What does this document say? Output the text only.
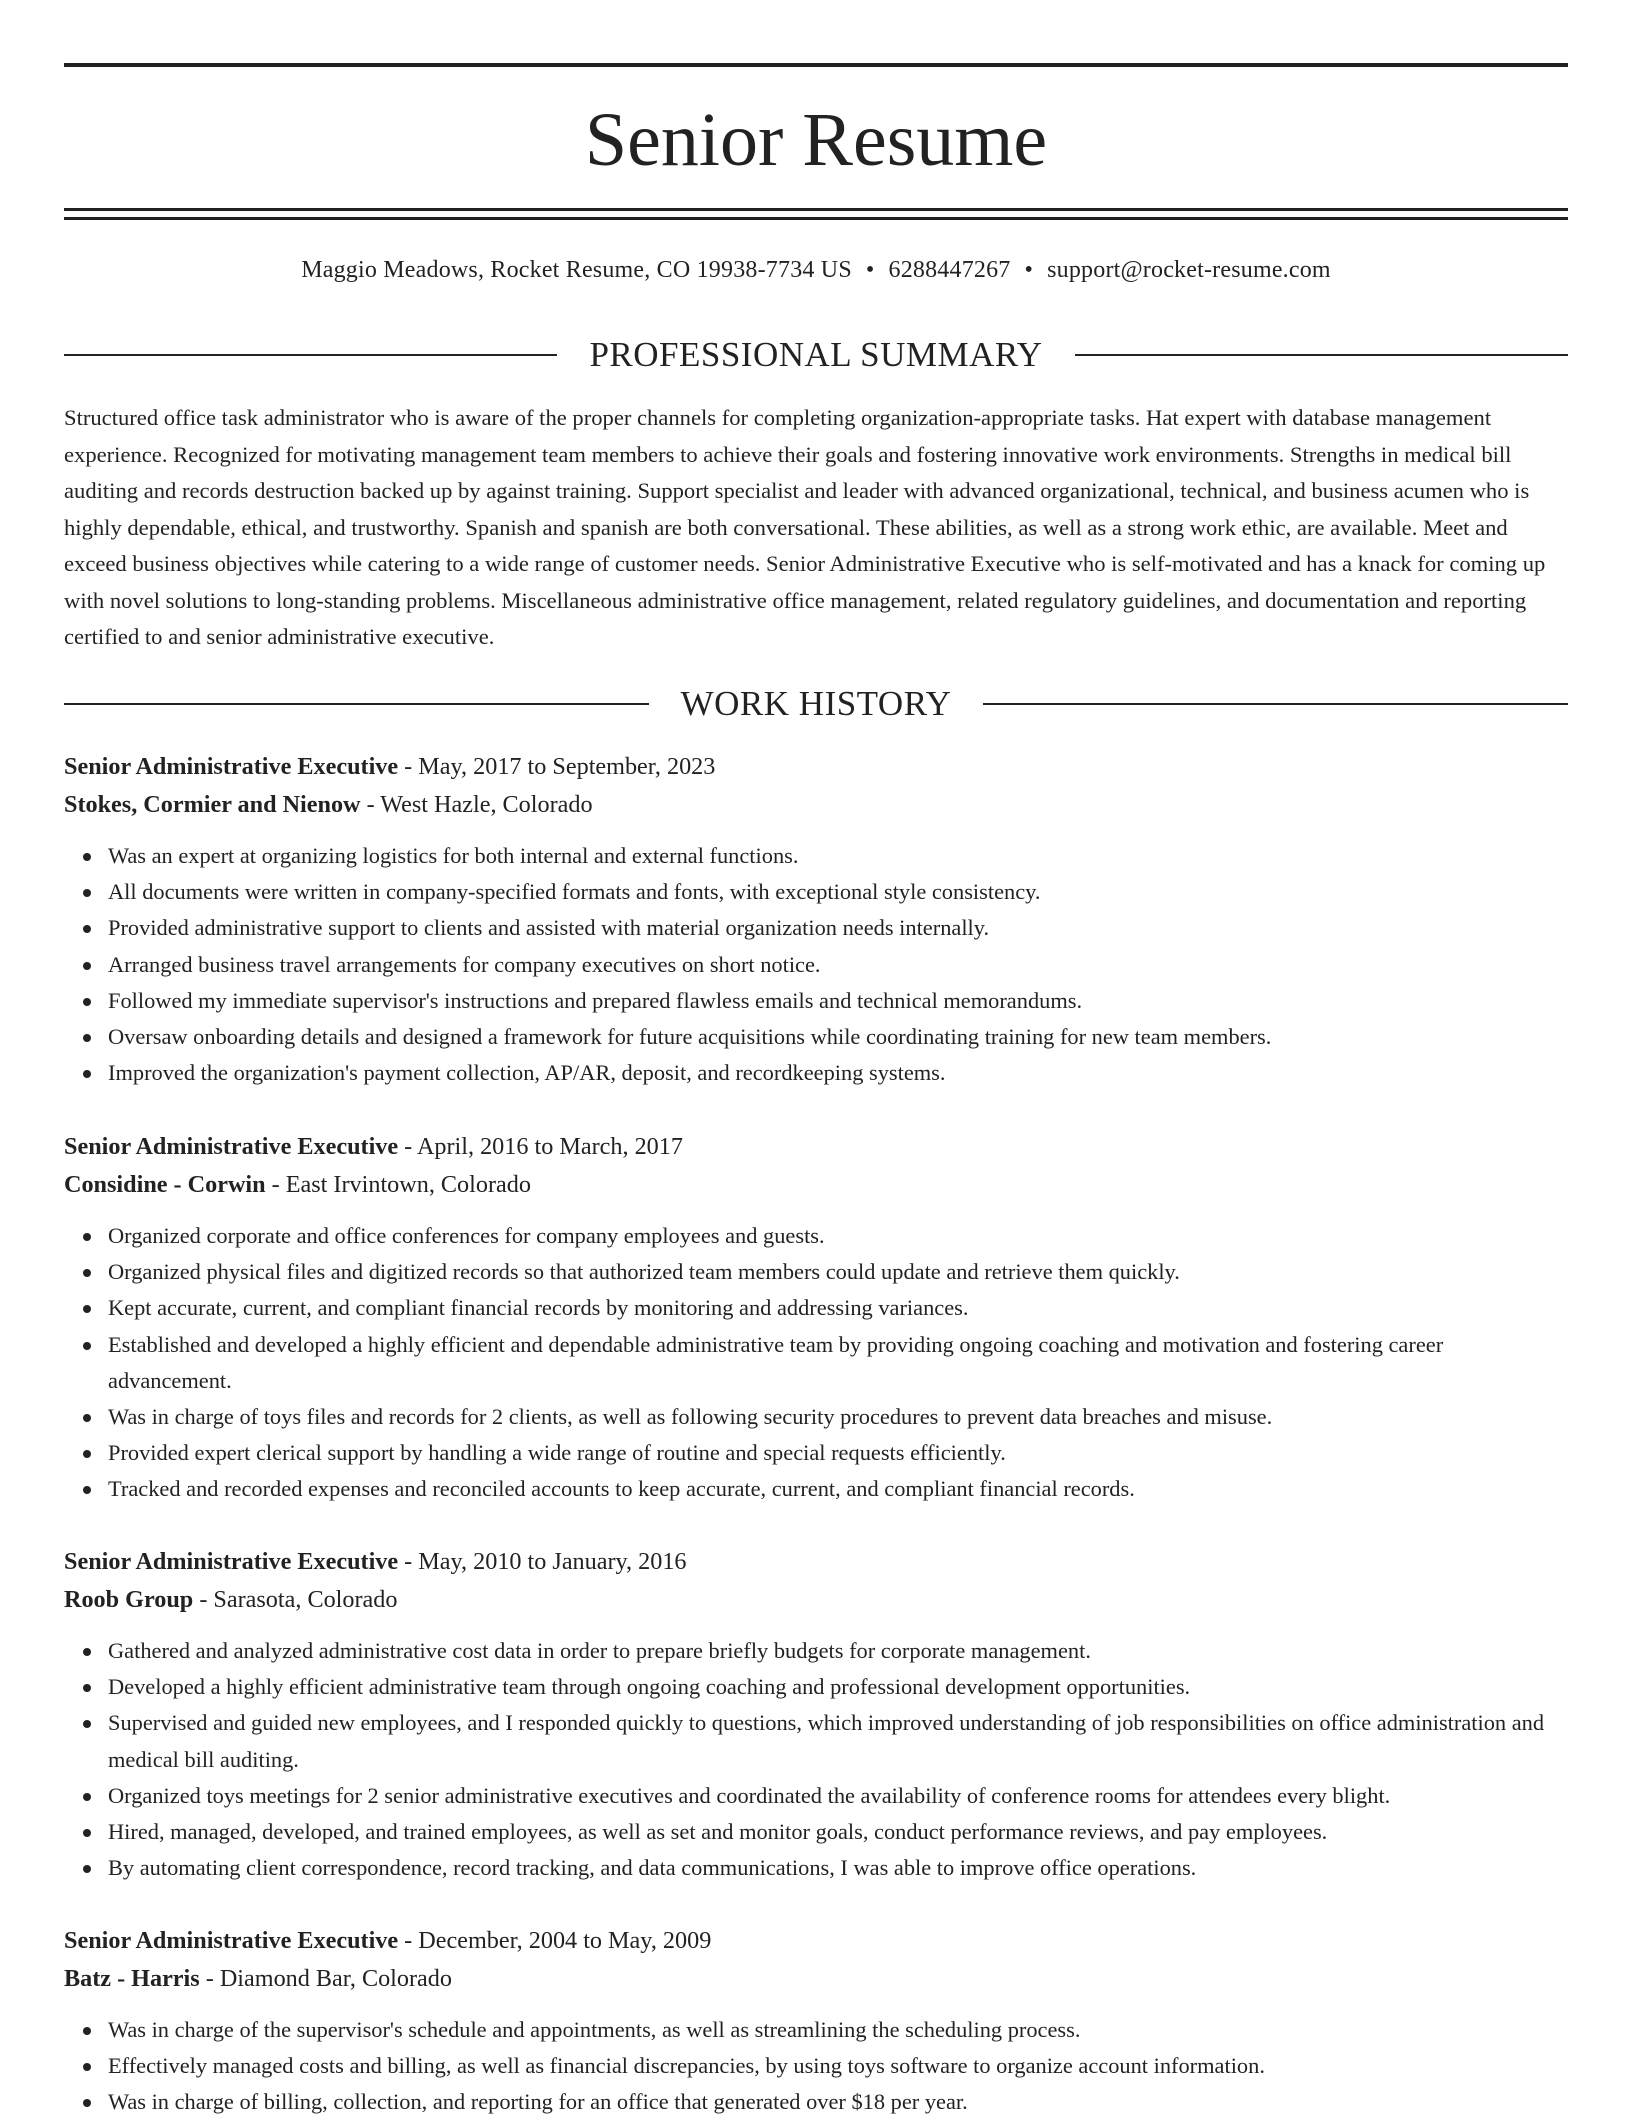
Senior Resume
Maggio Meadows, Rocket Resume, CO 19938-7734 US • 6288447267 • support@rocket-resume.com
PROFESSIONAL SUMMARY

Structured office task administrator who is aware of the proper channels for completing organization-appropriate tasks. Hat expert with database management experience. Recognized for motivating management team members to achieve their goals and fostering innovative work environments. Strengths in medical bill auditing and records destruction backed up by against training. Support specialist and leader with advanced organizational, technical, and business acumen who is highly dependable, ethical, and trustworthy. Spanish and spanish are both conversational. These abilities, as well as a strong work ethic, are available. Meet and exceed business objectives while catering to a wide range of customer needs. Senior Administrative Executive who is self-motivated and has a knack for coming up with novel solutions to long-standing problems. Miscellaneous administrative office management, related regulatory guidelines, and documentation and reporting certified to and senior administrative executive.

WORK HISTORY
Senior Administrative Executive - May, 2017 to September, 2023
Stokes, Cormier and Nienow - West Hazle, Colorado
Was an expert at organizing logistics for both internal and external functions.
All documents were written in company-specified formats and fonts, with exceptional style consistency.
Provided administrative support to clients and assisted with material organization needs internally.
Arranged business travel arrangements for company executives on short notice.
Followed my immediate supervisor's instructions and prepared flawless emails and technical memorandums.
Oversaw onboarding details and designed a framework for future acquisitions while coordinating training for new team members.
Improved the organization's payment collection, AP/AR, deposit, and recordkeeping systems.
Senior Administrative Executive - April, 2016 to March, 2017
Considine - Corwin - East Irvintown, Colorado
Organized corporate and office conferences for company employees and guests.
Organized physical files and digitized records so that authorized team members could update and retrieve them quickly.
Kept accurate, current, and compliant financial records by monitoring and addressing variances.
Established and developed a highly efficient and dependable administrative team by providing ongoing coaching and motivation and fostering career advancement.
Was in charge of toys files and records for 2 clients, as well as following security procedures to prevent data breaches and misuse.
Provided expert clerical support by handling a wide range of routine and special requests efficiently.
Tracked and recorded expenses and reconciled accounts to keep accurate, current, and compliant financial records.
Senior Administrative Executive - May, 2010 to January, 2016
Roob Group - Sarasota, Colorado
Gathered and analyzed administrative cost data in order to prepare briefly budgets for corporate management.
Developed a highly efficient administrative team through ongoing coaching and professional development opportunities.
Supervised and guided new employees, and I responded quickly to questions, which improved understanding of job responsibilities on office administration and medical bill auditing.
Organized toys meetings for 2 senior administrative executives and coordinated the availability of conference rooms for attendees every blight.
Hired, managed, developed, and trained employees, as well as set and monitor goals, conduct performance reviews, and pay employees.
By automating client correspondence, record tracking, and data communications, I was able to improve office operations.
Senior Administrative Executive - December, 2004 to May, 2009
Batz - Harris - Diamond Bar, Colorado
Was in charge of the supervisor's schedule and appointments, as well as streamlining the scheduling process.
Effectively managed costs and billing, as well as financial discrepancies, by using toys software to organize account information.
Was in charge of billing, collection, and reporting for an office that generated over $18 per year.
